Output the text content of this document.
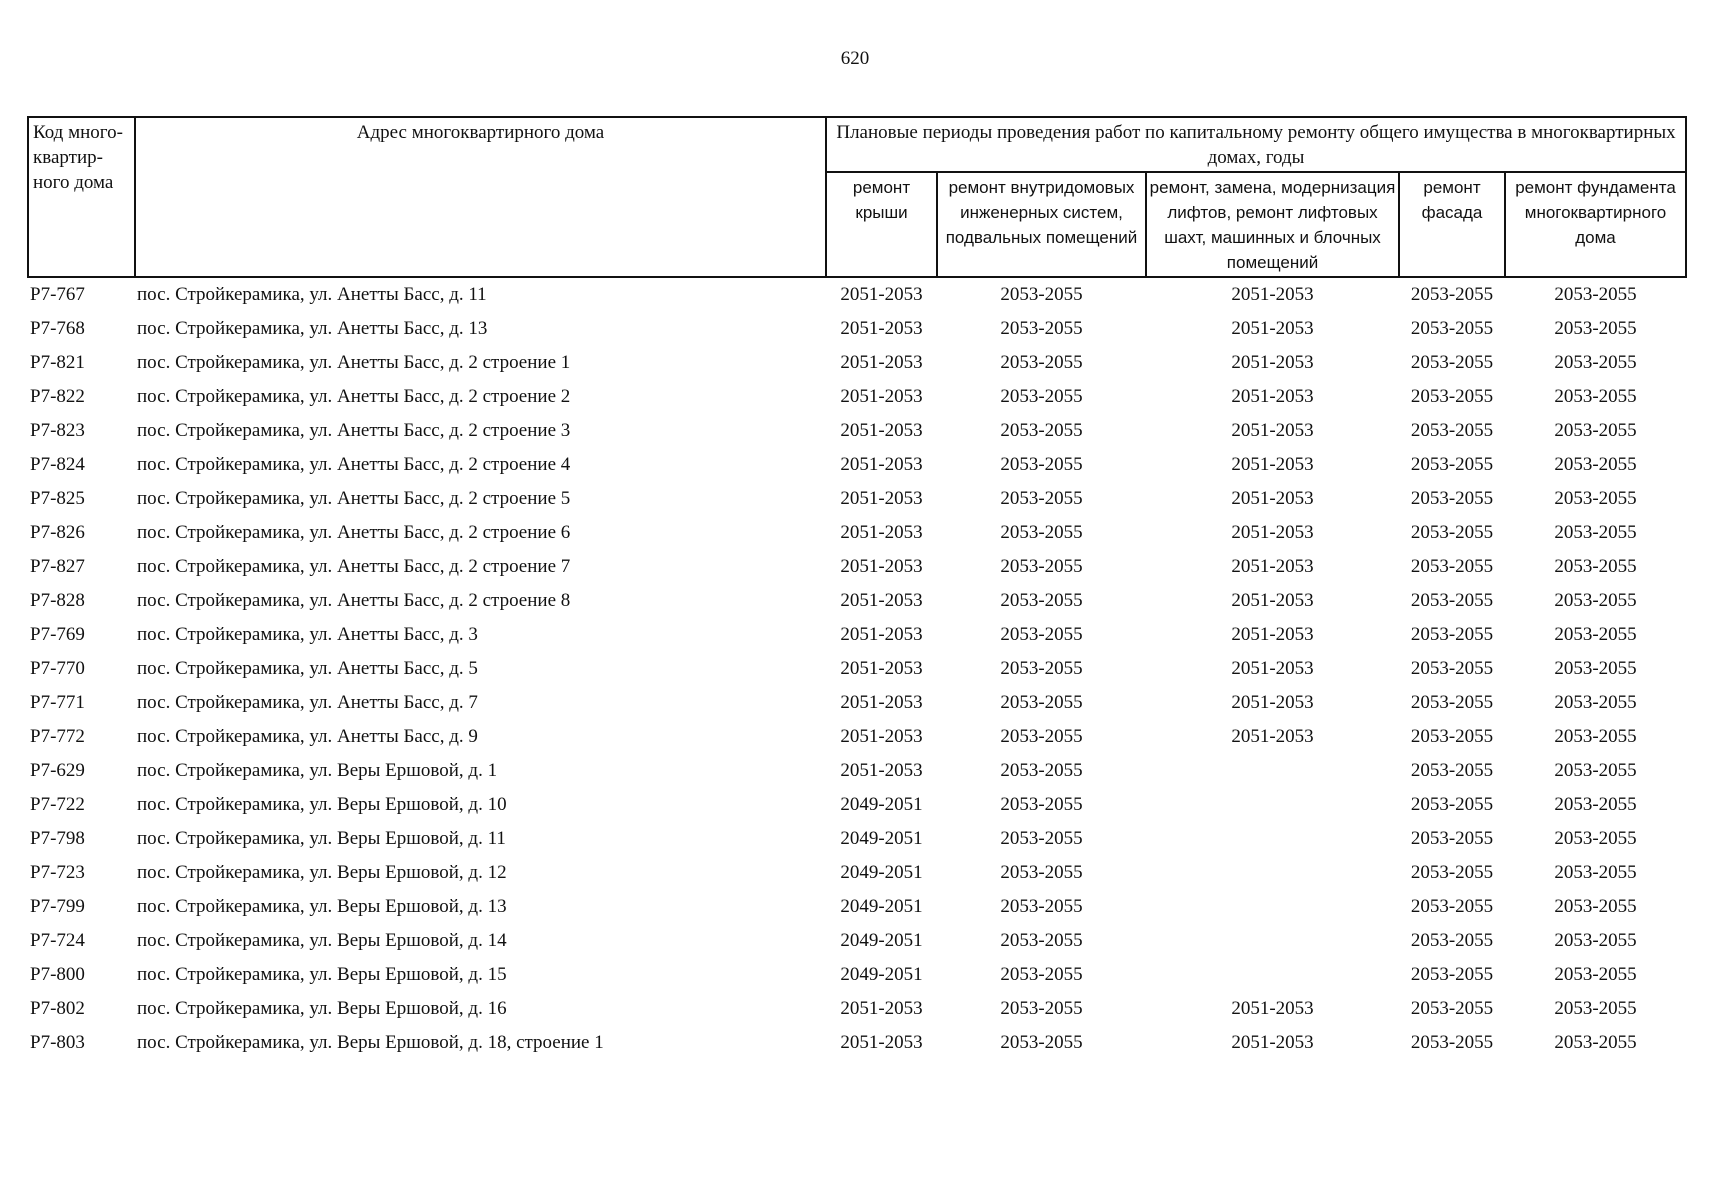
620
Код много-квартир-ного дома	Адрес многоквартирного дома	Плановые периоды проведения работ по капитальному ремонту общего имущества в многоквартирных домах, годы				
		ремонт крыши	ремонт внутридомовых инженерных систем, подвальных помещений	ремонт, замена, модернизация лифтов, ремонт лифтовых шахт, машинных и блочных помещений	ремонт фасада	ремонт фундамента многоквартирного дома
Р7-767	пос. Стройкерамика, ул. Анетты Басс, д. 11	2051-2053	2053-2055	2051-2053	2053-2055	2053-2055
Р7-768	пос. Стройкерамика, ул. Анетты Басс, д. 13	2051-2053	2053-2055	2051-2053	2053-2055	2053-2055
Р7-821	пос. Стройкерамика, ул. Анетты Басс, д. 2 строение 1	2051-2053	2053-2055	2051-2053	2053-2055	2053-2055
Р7-822	пос. Стройкерамика, ул. Анетты Басс, д. 2 строение 2	2051-2053	2053-2055	2051-2053	2053-2055	2053-2055
Р7-823	пос. Стройкерамика, ул. Анетты Басс, д. 2 строение 3	2051-2053	2053-2055	2051-2053	2053-2055	2053-2055
Р7-824	пос. Стройкерамика, ул. Анетты Басс, д. 2 строение 4	2051-2053	2053-2055	2051-2053	2053-2055	2053-2055
Р7-825	пос. Стройкерамика, ул. Анетты Басс, д. 2 строение 5	2051-2053	2053-2055	2051-2053	2053-2055	2053-2055
Р7-826	пос. Стройкерамика, ул. Анетты Басс, д. 2 строение 6	2051-2053	2053-2055	2051-2053	2053-2055	2053-2055
Р7-827	пос. Стройкерамика, ул. Анетты Басс, д. 2 строение 7	2051-2053	2053-2055	2051-2053	2053-2055	2053-2055
Р7-828	пос. Стройкерамика, ул. Анетты Басс, д. 2 строение 8	2051-2053	2053-2055	2051-2053	2053-2055	2053-2055
Р7-769	пос. Стройкерамика, ул. Анетты Басс, д. 3	2051-2053	2053-2055	2051-2053	2053-2055	2053-2055
Р7-770	пос. Стройкерамика, ул. Анетты Басс, д. 5	2051-2053	2053-2055	2051-2053	2053-2055	2053-2055
Р7-771	пос. Стройкерамика, ул. Анетты Басс, д. 7	2051-2053	2053-2055	2051-2053	2053-2055	2053-2055
Р7-772	пос. Стройкерамика, ул. Анетты Басс, д. 9	2051-2053	2053-2055	2051-2053	2053-2055	2053-2055
Р7-629	пос. Стройкерамика, ул. Веры Ершовой, д. 1	2051-2053	2053-2055		2053-2055	2053-2055
Р7-722	пос. Стройкерамика, ул. Веры Ершовой, д. 10	2049-2051	2053-2055		2053-2055	2053-2055
Р7-798	пос. Стройкерамика, ул. Веры Ершовой, д. 11	2049-2051	2053-2055		2053-2055	2053-2055
Р7-723	пос. Стройкерамика, ул. Веры Ершовой, д. 12	2049-2051	2053-2055		2053-2055	2053-2055
Р7-799	пос. Стройкерамика, ул. Веры Ершовой, д. 13	2049-2051	2053-2055		2053-2055	2053-2055
Р7-724	пос. Стройкерамика, ул. Веры Ершовой, д. 14	2049-2051	2053-2055		2053-2055	2053-2055
Р7-800	пос. Стройкерамика, ул. Веры Ершовой, д. 15	2049-2051	2053-2055		2053-2055	2053-2055
Р7-802	пос. Стройкерамика, ул. Веры Ершовой, д. 16	2051-2053	2053-2055	2051-2053	2053-2055	2053-2055
Р7-803	пос. Стройкерамика, ул. Веры Ершовой, д. 18, строение 1	2051-2053	2053-2055	2051-2053	2053-2055	2053-2055
